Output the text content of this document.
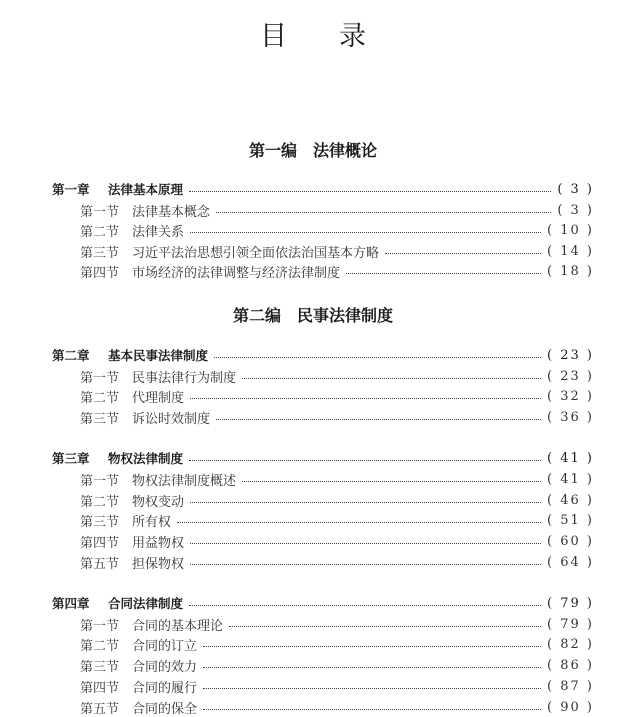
目 录
第一编　法律概论
第二编　民事法律制度
第一章	法律基本原理	( 3 )
第一节 法律基本概念	( 3 )
第二节 法律关系	( 10 )
第三节 习近平法治思想引领全面依法治国基本方略	( 14 )
第四节 市场经济的法律调整与经济法律制度	( 18 )
第二章	基本民事法律制度	( 23 )
第一节 民事法律行为制度	( 23 )
第二节 代理制度	( 32 )
第三节 诉讼时效制度	( 36 )
第三章	物权法律制度	( 41 )
第一节 物权法律制度概述	( 41 )
第二节 物权变动	( 46 )
第三节 所有权	( 51 )
第四节 用益物权	( 60 )
第五节 担保物权	( 64 )
第四章	合同法律制度	( 79 )
第一节 合同的基本理论	( 79 )
第二节 合同的订立	( 82 )
第三节 合同的效力	( 86 )
第四节 合同的履行	( 87 )
第五节 合同的保全	( 90 )
